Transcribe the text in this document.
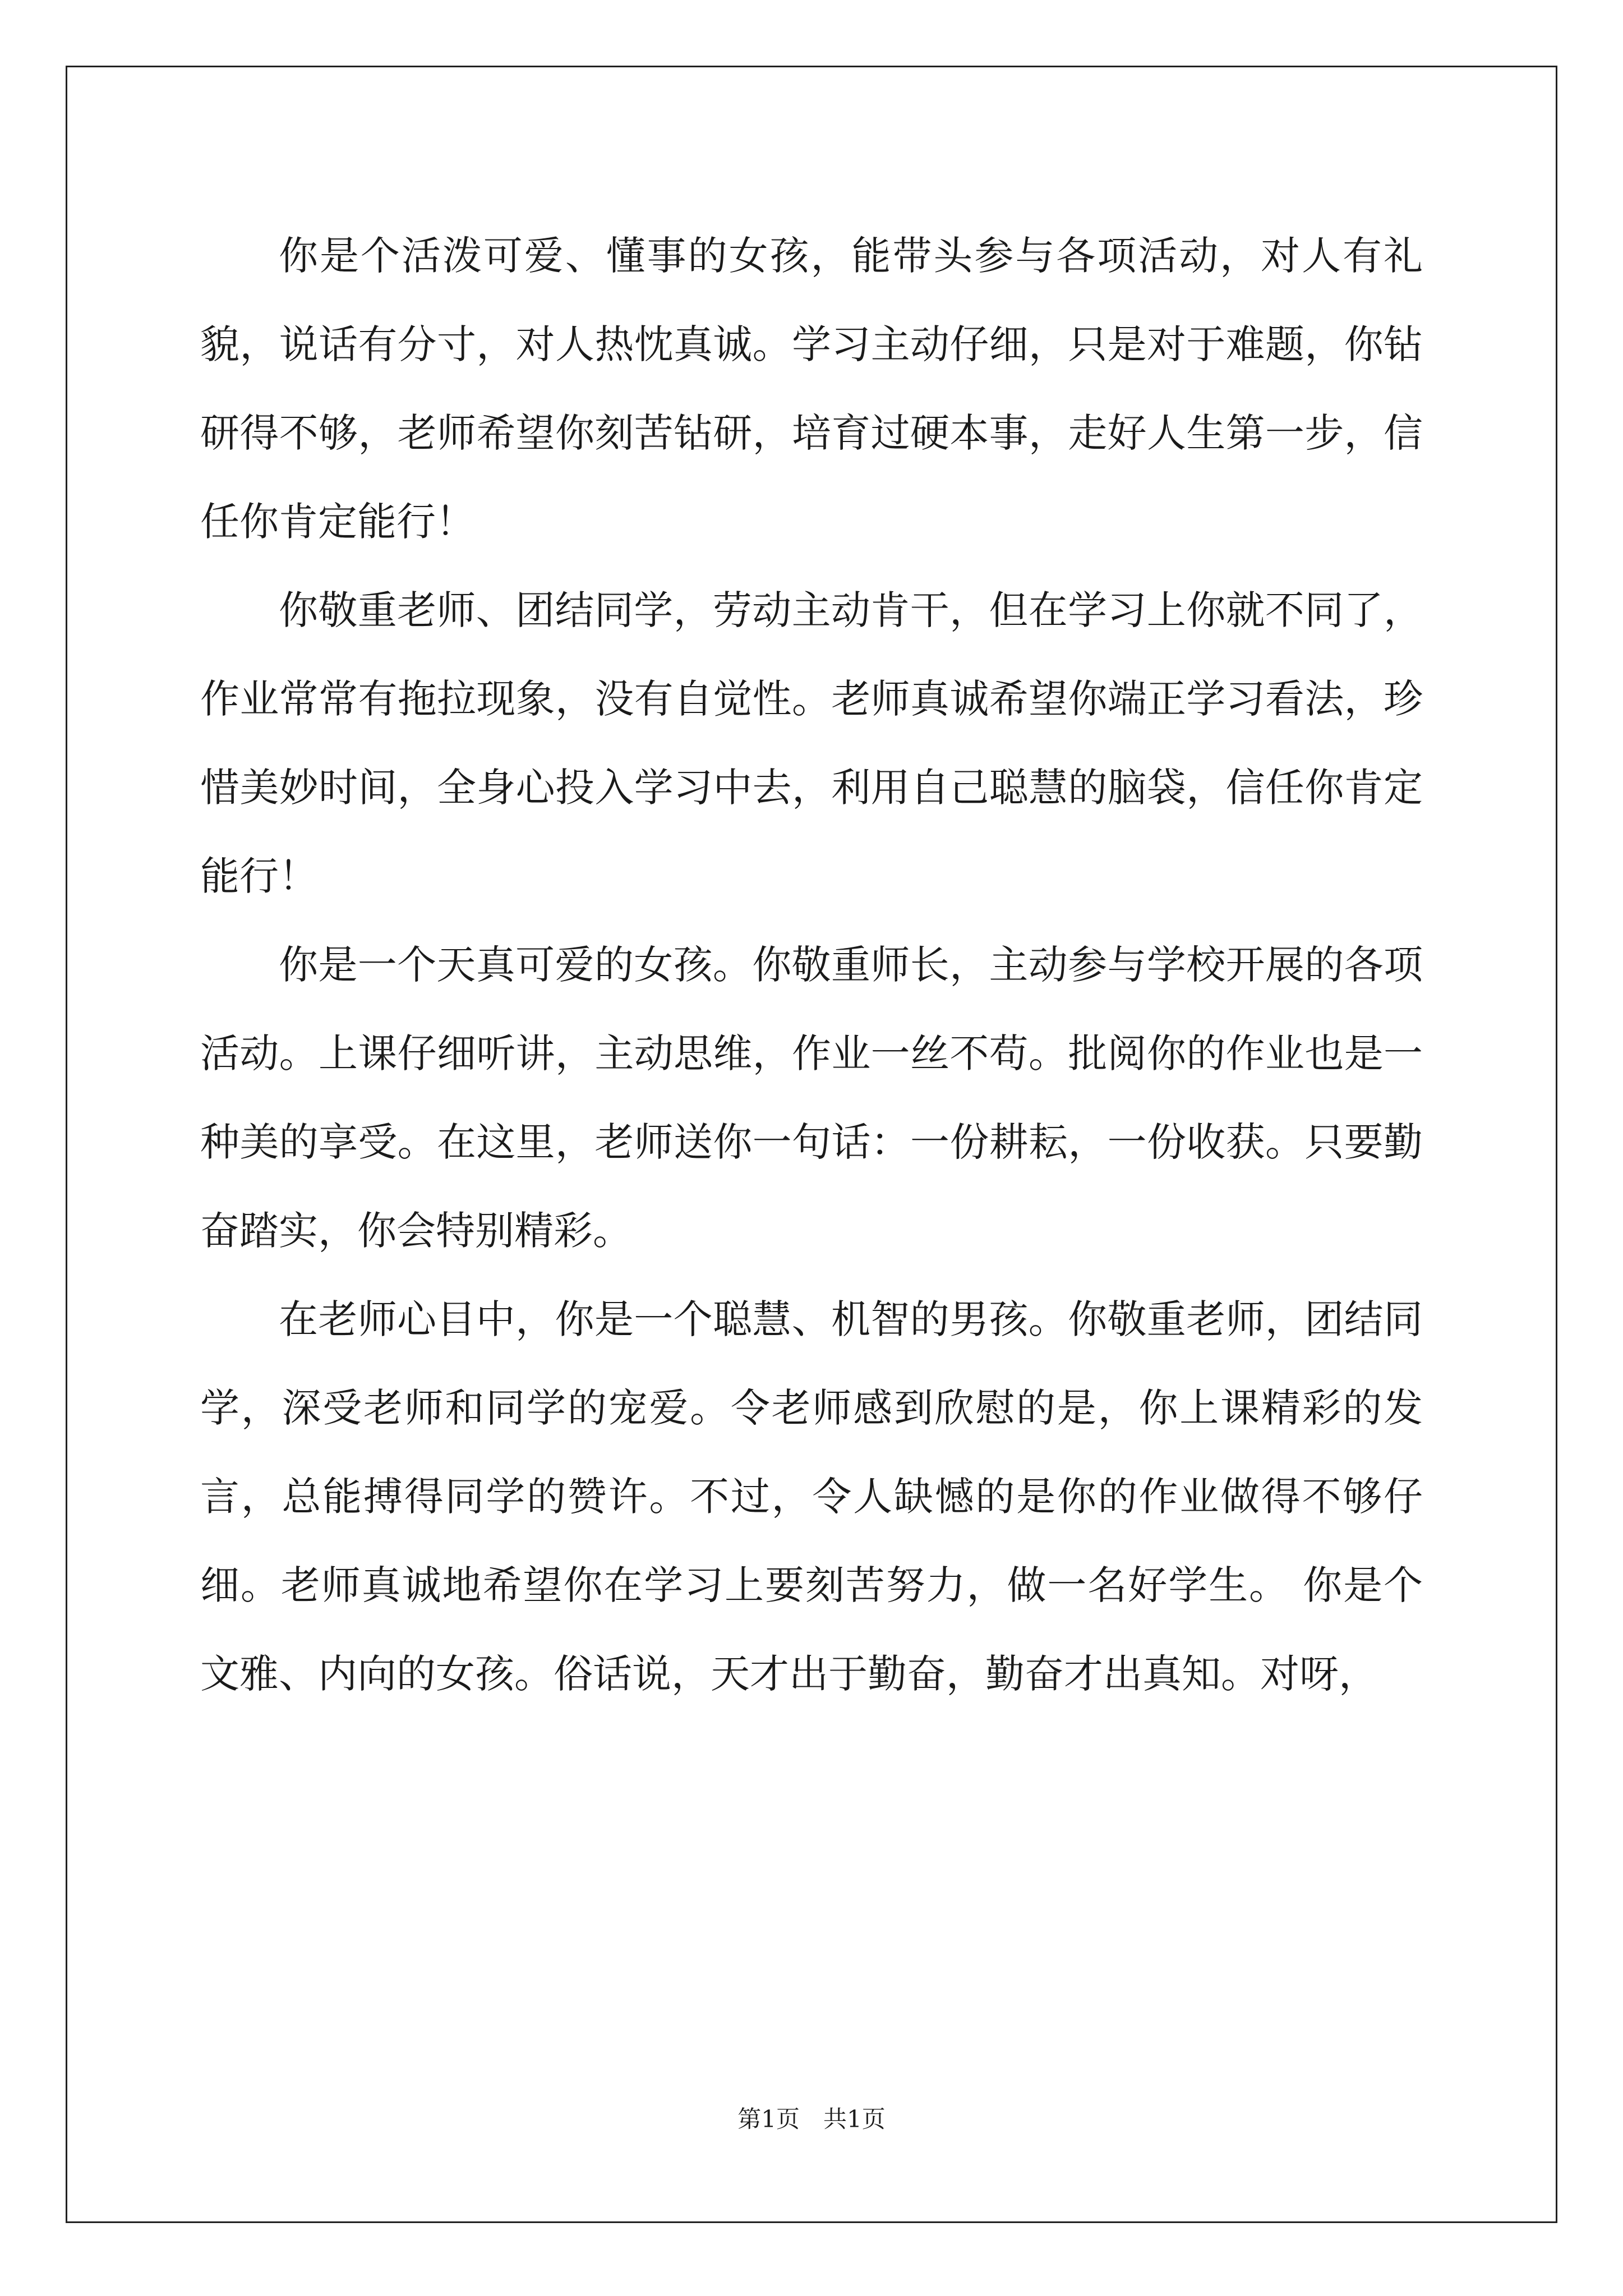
你是个活泼可爱、懂事的女孩，能带头参与各项活动，对人有礼貌，说话有分寸，对人热忱真诚。学习主动仔细，只是对于难题，你钻研得不够，老师希望你刻苦钻研，培育过硬本事，走好人生第一步，信任你肯定能行！

你敬重老师、团结同学，劳动主动肯干，但在学习上你就不同了，作业常常有拖拉现象，没有自觉性。老师真诚希望你端正学习看法，珍惜美妙时间，全身心投入学习中去，利用自己聪慧的脑袋，信任你肯定能行！

你是一个天真可爱的女孩。你敬重师长，主动参与学校开展的各项活动。上课仔细听讲，主动思维，作业一丝不苟。批阅你的作业也是一种美的享受。在这里，老师送你一句话：一份耕耘，一份收获。只要勤奋踏实，你会特别精彩。

在老师心目中，你是一个聪慧、机智的男孩。你敬重老师，团结同学，深受老师和同学的宠爱。令老师感到欣慰的是，你上课精彩的发言，总能搏得同学的赞许。不过，令人缺憾的是你的作业做得不够仔细。老师真诚地希望你在学习上要刻苦努力，做一名好学生。 你是个文雅、内向的女孩。俗话说，天才出于勤奋，勤奋才出真知。对呀，

第1页　共1页
